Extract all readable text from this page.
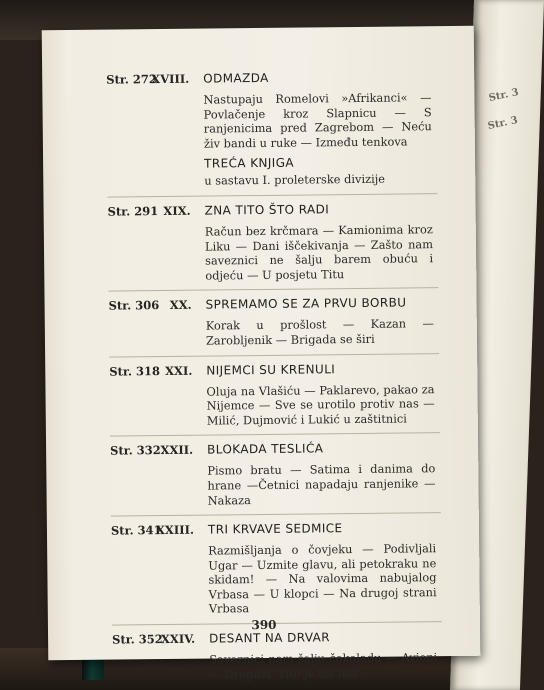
Str. 3
Str. 3
Str. 272
XVIII. ODMAZDA
Nastupaju Romelovi »Afrikanci« — Povlačenje kroz Slapnicu — S ranjenicima pred Zagrebom — Neću živ bandi u ruke — Između tenkova
TREĆA KNJIGA
u sastavu I. proleterske divizije
Str. 291 XIX. ZNA TITO ŠTO RADI
Račun bez krčmara — Kamionima kroz Liku — Dani iščekivanja — Zašto nam saveznici ne šalju barem obuću i odjeću — U posjetu Titu
Str. 306 XX. SPREMAMO SE ZA PRVU BORBU
Korak u prošlost — Kazan — Zarobljenik — Brigada se širi
Str. 318 XXI. NIJEMCI SU KRENULI
Oluja na Vlašiću — Paklarevo, pakao za Nijemce — Sve se urotilo protiv nas — Milić, Dujmović i Lukić u zaštitnici
Str. 332.
XXII. BLOKADA TESLIĆA
Pismo bratu — Satima i danima do hrane —Četnici napadaju ranjenike — Nakaza
Str. 341
XXIII. TRI KRVAVE SEDMICE
Razmišljanja o čovjeku — Podivljali Ugar — Uzmite glavu, ali petokraku ne skidam! — Na valovima nabujalog Vrbasa — U klopci — Na drugoj strani Vrbasa
Str. 352
XXIV. DESANT NA DRVAR
Saveznici nam šalju čokoladu — Avioni — Drugovi, Tito je iza nas —
390
